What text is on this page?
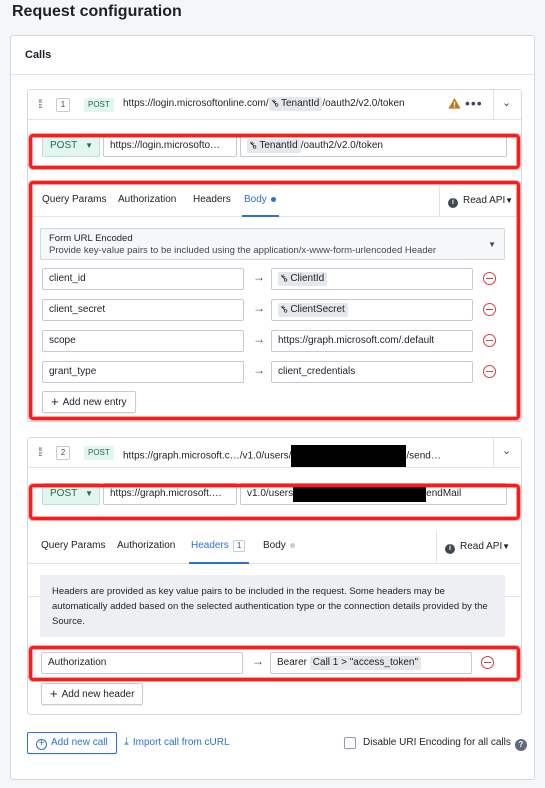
Request configuration
Calls
⁞⁞	1	POST	https://login.microsoftonline.com/⚷TenantId /oauth2/v2.0/token	••• ⌄
POST ▼	https://login.microsofto…	⚷TenantId /oauth2/v2.0/token
Query Params Authorization Headers Body	i Read API ▼
Form URL Encoded
Provide key-value pairs to be included using the application/x-www-form-urlencoded Header
▼
client_id	→	⚷ClientId
client_secret	→	⚷ClientSecret
scope	→	https://graph.microsoft.com/.default
grant_type	→	client_credentials
+ Add new entry
⁞⁞	2	POST	https://graph.microsoft.c…/v1.0/users/	/send…	⌄
POST ▼	https://graph.microsoft.…	v1.0/users	endMail
Query Params Authorization Headers 1	Body	i Read API ▼
Headers are provided as key value pairs to be included in the request. Some headers may be automatically added based on the selected authentication type or the connection details provided by the Source.
Authorization	→	Bearer Call 1 > "access_token"
+ Add new header
+ Add new call	⤓ Import call from cURL	Disable URI Encoding for all calls ?
